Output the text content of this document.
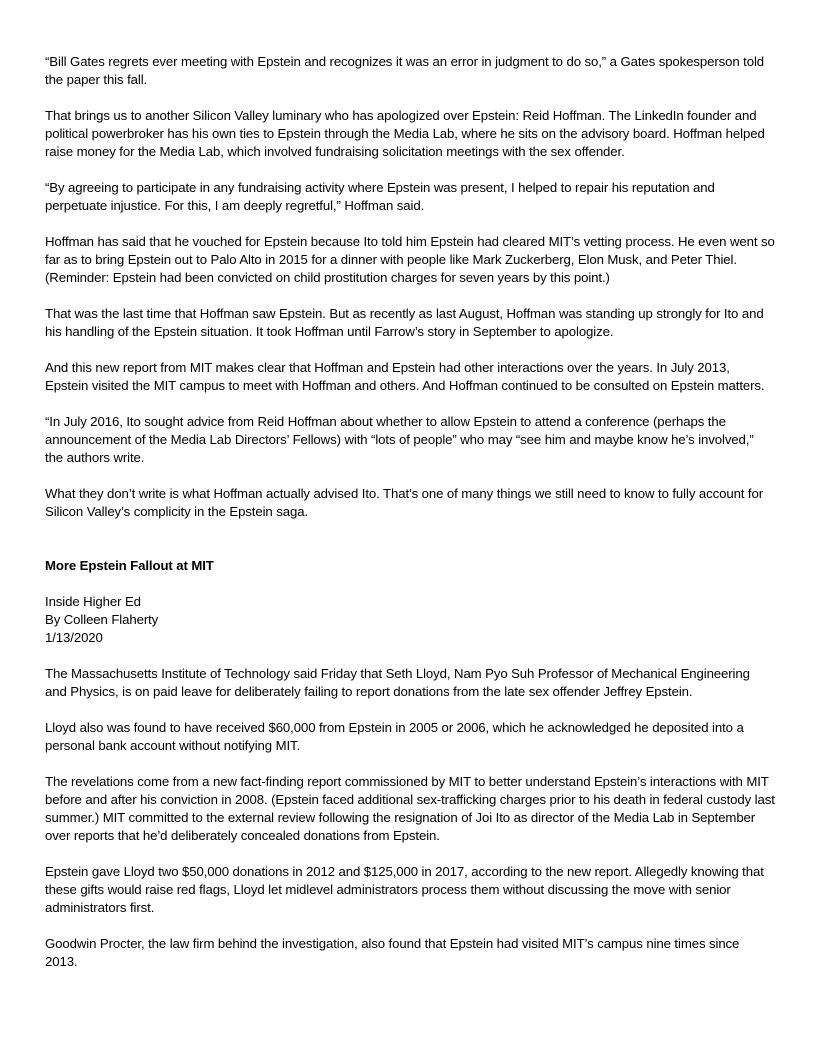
“Bill Gates regrets ever meeting with Epstein and recognizes it was an error in judgment to do so,” a Gates spokesperson told the paper this fall.

That brings us to another Silicon Valley luminary who has apologized over Epstein: Reid Hoffman. The LinkedIn founder and political powerbroker has his own ties to Epstein through the Media Lab, where he sits on the advisory board. Hoffman helped raise money for the Media Lab, which involved fundraising solicitation meetings with the sex offender.

“By agreeing to participate in any fundraising activity where Epstein was present, I helped to repair his reputation and perpetuate injustice. For this, I am deeply regretful,” Hoffman said.

Hoffman has said that he vouched for Epstein because Ito told him Epstein had cleared MIT’s vetting process. He even went so far as to bring Epstein out to Palo Alto in 2015 for a dinner with people like Mark Zuckerberg, Elon Musk, and Peter Thiel. (Reminder: Epstein had been convicted on child prostitution charges for seven years by this point.)

That was the last time that Hoffman saw Epstein. But as recently as last August, Hoffman was standing up strongly for Ito and his handling of the Epstein situation. It took Hoffman until Farrow’s story in September to apologize.

And this new report from MIT makes clear that Hoffman and Epstein had other interactions over the years. In July 2013, Epstein visited the MIT campus to meet with Hoffman and others. And Hoffman continued to be consulted on Epstein matters.

“In July 2016, Ito sought advice from Reid Hoffman about whether to allow Epstein to attend a conference (perhaps the announcement of the Media Lab Directors’ Fellows) with “lots of people” who may “see him and maybe know he’s involved,” the authors write.

What they don’t write is what Hoffman actually advised Ito. That’s one of many things we still need to know to fully account for Silicon Valley’s complicity in the Epstein saga.

More Epstein Fallout at MIT
Inside Higher Ed
By Colleen Flaherty
1/13/2020

The Massachusetts Institute of Technology said Friday that Seth Lloyd, Nam Pyo Suh Professor of Mechanical Engineering and Physics, is on paid leave for deliberately failing to report donations from the late sex offender Jeffrey Epstein.

Lloyd also was found to have received $60,000 from Epstein in 2005 or 2006, which he acknowledged he deposited into a personal bank account without notifying MIT.

The revelations come from a new fact-finding report commissioned by MIT to better understand Epstein’s interactions with MIT before and after his conviction in 2008. (Epstein faced additional sex-trafficking charges prior to his death in federal custody last summer.) MIT committed to the external review following the resignation of Joi Ito as director of the Media Lab in September over reports that he’d deliberately concealed donations from Epstein.

Epstein gave Lloyd two $50,000 donations in 2012 and $125,000 in 2017, according to the new report. Allegedly knowing that these gifts would raise red flags, Lloyd let midlevel administrators process them without discussing the move with senior administrators first.

Goodwin Procter, the law firm behind the investigation, also found that Epstein had visited MIT’s campus nine times since 2013.
